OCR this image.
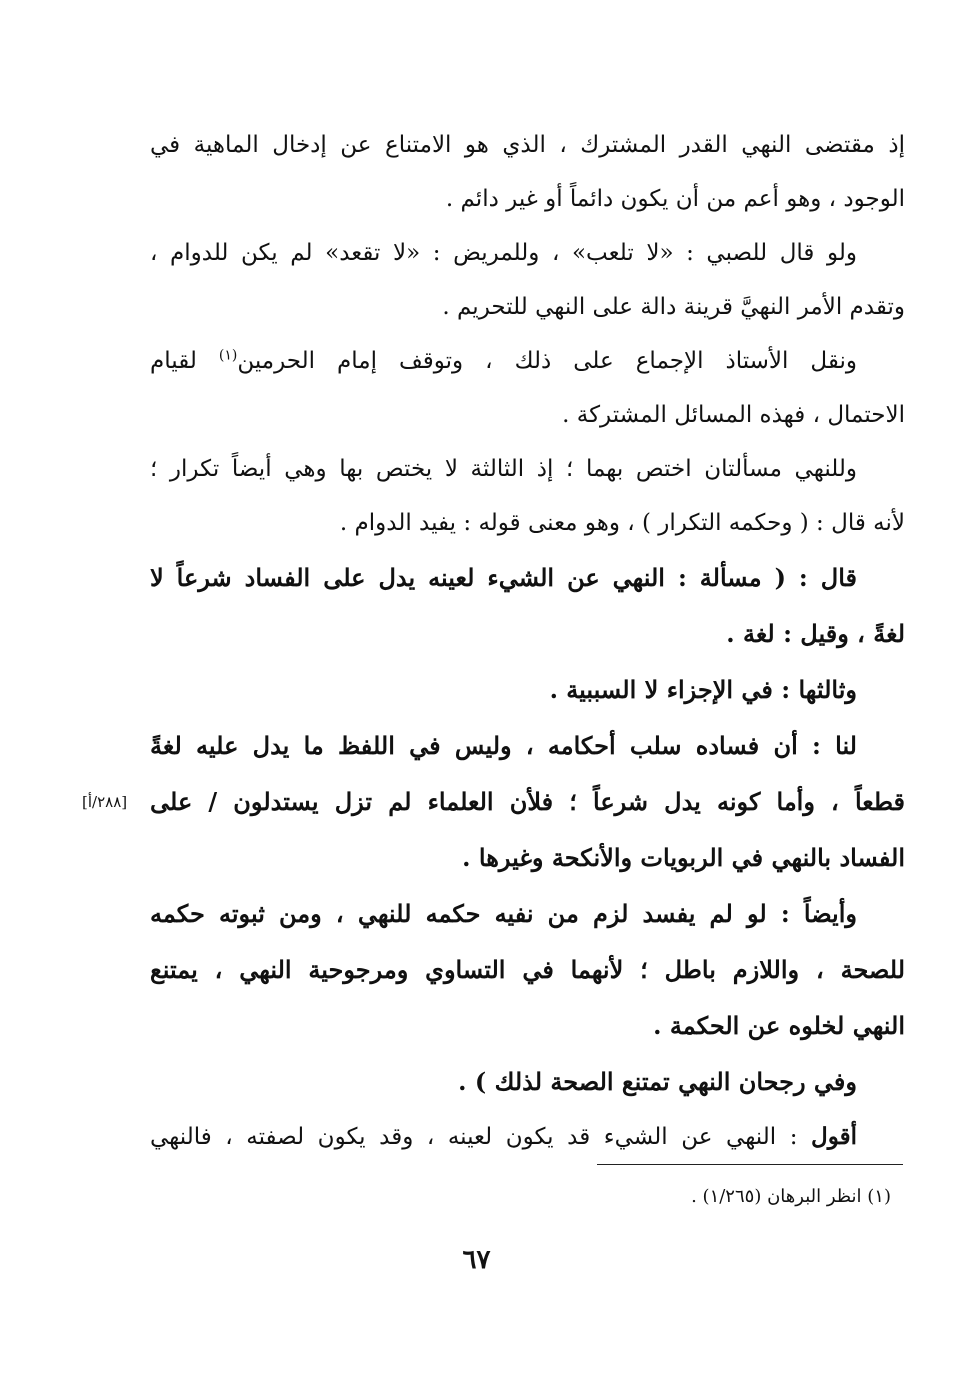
إذ مقتضى النهي القدر المشترك ، الذي هو الامتناع عن إدخال الماهية في
الوجود ، وهو أعم من أن يكون دائماً أو غير دائم .
ولو قال للصبي : «لا تلعب» ، وللمريض : «لا تقعد» لم يكن للدوام ،
وتقدم الأمر النهيَّ قرينة دالة على النهي للتحريم .
ونقل الأستاذ الإجماع على ذلك ، وتوقف إمام الحرمين$^{(١)}$ لقيام
الاحتمال ، فهذه المسائل المشتركة .
وللنهي مسألتان اختص بهما ؛ إذ الثالثة لا يختص بها وهي أيضاً تكرار ؛
لأنه قال : ( وحكمه التكرار ) ، وهو معنى قوله : يفيد الدوام .
قال : ( مسألة : النهي عن الشيء لعينه يدل على الفساد شرعاً لا
لغةً ، وقيل : لغة .
وثالثها : في الإجزاء لا السببية .
لنا : أن فساده سلب أحكامه ، وليس في اللفظ ما يدل عليه لغةً
قطعاً ، وأما كونه يدل شرعاً ؛ فلأن العلماء لم تزل يستدلون / على
[٢٨٨/أ]
الفساد بالنهي في الربويات والأنكحة وغيرها .
وأيضاً : لو لم يفسد لزم من نفيه حكمه للنهي ، ومن ثبوته حكمه
للصحة ، واللازم باطل ؛ لأنهما في التساوي ومرجوحية النهي ، يمتنع
النهي لخلوه عن الحكمة .
وفي رجحان النهي تمتنع الصحة لذلك ) .
أقول : النهي عن الشيء قد يكون لعينه ، وقد يكون لصفته ، فالنهي
(١) انظر البرهان (١/٢٦٥) .
٦٧
